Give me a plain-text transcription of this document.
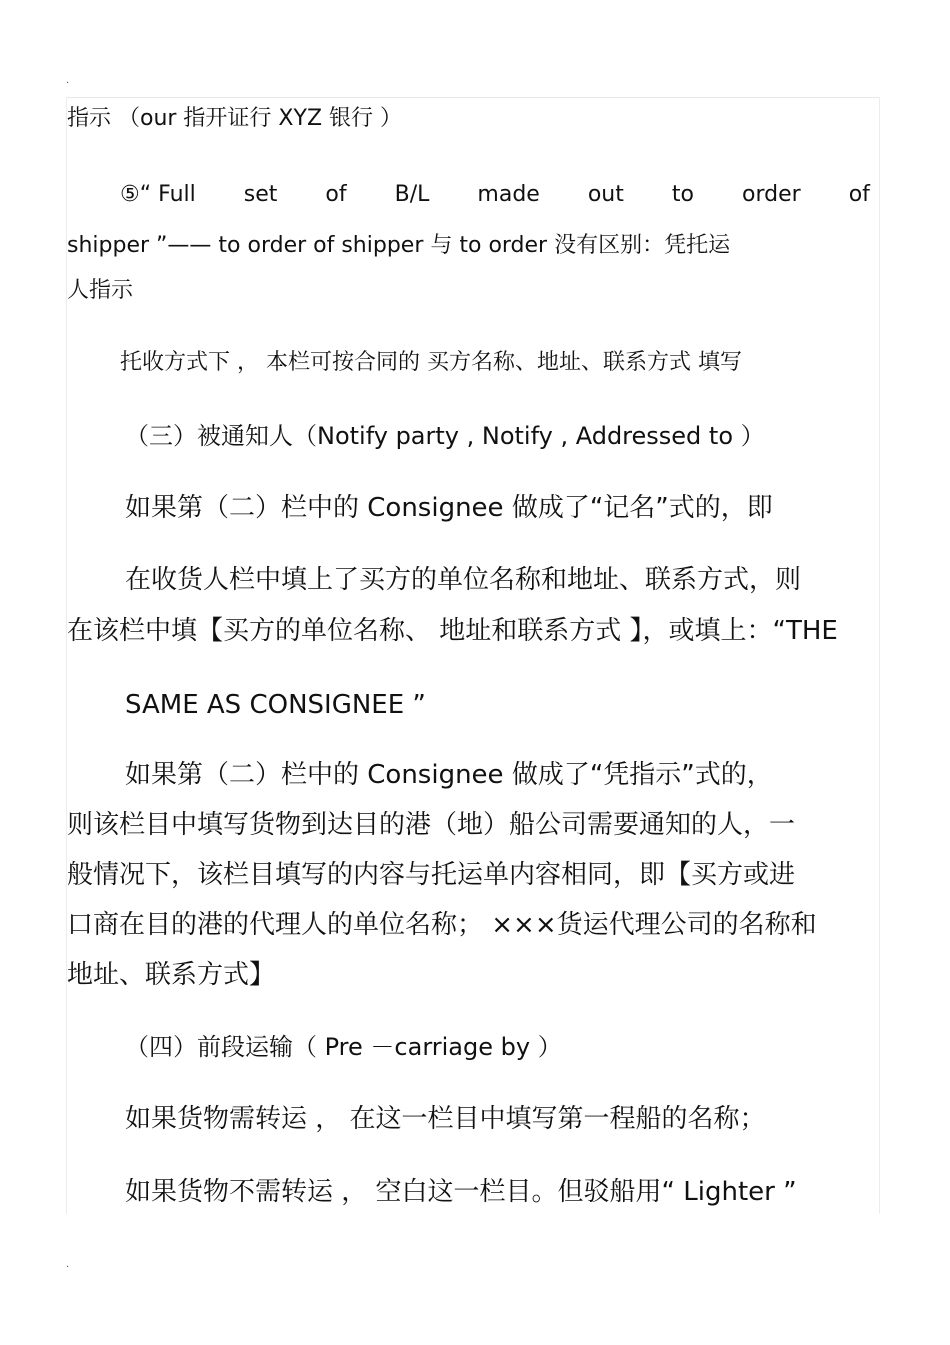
.
指示 （our 指开证行 XYZ 银行 ）
⑤“ Full set of B/L made out to order of
shipper ”—— to order of shipper 与 to order 没有区别：凭托运
人指示
托收方式下 ， 本栏可按合同的 买方名称、地址、联系方式 填写
（三）被通知人（Notify party , Notify , Addressed to ）
如果第（二）栏中的 Consignee 做成了“记名”式的，即
在收货人栏中填上了买方的单位名称和地址、联系方式，则
在该栏中填【买方的单位名称、 地址和联系方式 】，或填上：“THE
SAME AS CONSIGNEE ”
如果第（二）栏中的 Consignee 做成了“凭指示”式的，
则该栏目中填写货物到达目的港（地）船公司需要通知的人，一
般情况下，该栏目填写的内容与托运单内容相同，即【买方或进
口商在目的港的代理人的单位名称； ×××货运代理公司的名称和
地址、联系方式】
（四）前段运输（ Pre －carriage by ）
如果货物需转运 ， 在这一栏目中填写第一程船的名称；
如果货物不需转运 ， 空白这一栏目。但驳船用“ Lighter ”
.
